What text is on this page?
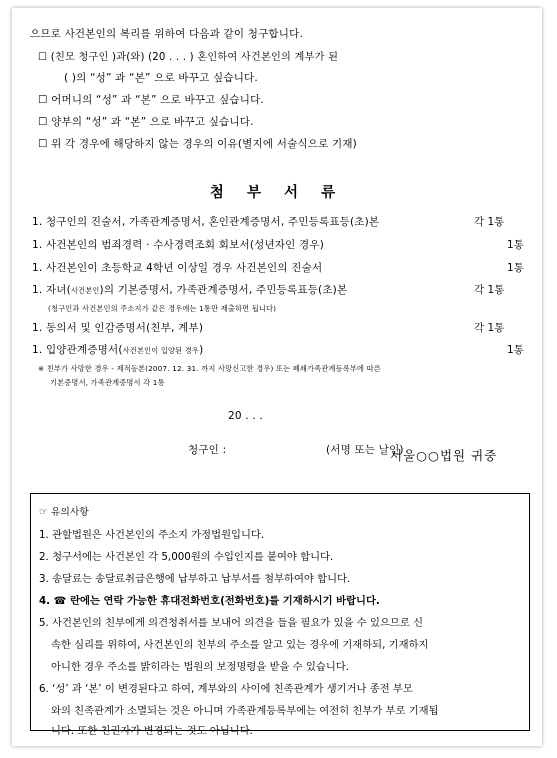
으므로 사건본인의 복리를 위하여 다음과 같이 청구합니다.
☐ (친모 청구인 )과(와) (20 . . . ) 혼인하여 사건본인의 계부가 된
( )의 “성” 과 “본” 으로 바꾸고 싶습니다.
☐ 어머니의 “성” 과 “본” 으로 바꾸고 싶습니다.
☐ 양부의 “성” 과 “본” 으로 바꾸고 싶습니다.
☐ 위 각 경우에 해당하지 않는 경우의 이유(별지에 서술식으로 기재)
첨 부 서 류
1. 청구인의 진술서, 가족관계증명서, 혼인관계증명서, 주민등록표등(초)본	각 1통
1. 사건본인의 범죄경력 · 수사경력조회 회보서(성년자인 경우)	1통
1. 사건본인이 초등학교 4학년 이상일 경우 사건본인의 진술서	1통
1. 자녀(사건본인)의 기본증명서, 가족관계증명서, 주민등록표등(초)본	각 1통
(청구인과 사건본인의 주소지가 같은 경우에는 1통만 제출하면 됩니다)
1. 동의서 및 인감증명서(친부, 계부)	각 1통
1. 입양관계증명서(사건본인이 입양된 경우)	1통
※ 친부가 사망한 경우 - 제적등본(2007. 12. 31. 까지 사망신고한 경우) 또는 폐쇄가족관계등록부에 따른
기본증명서, 가족관계증명서 각 1통
20 . . .
청구인 :	(서명 또는 날인)
서울○○법원 귀중
☞ 유의사항
1. 관할법원은 사건본인의 주소지 가정법원입니다.
2. 청구서에는 사건본인 각 5,000원의 수입인지를 붙여야 합니다.
3. 송달료는 송달료취급은행에 납부하고 납부서를 첨부하여야 합니다.
4. ☎ 란에는 연락 가능한 휴대전화번호(전화번호)를 기재하시기 바랍니다.
5. 사건본인의 친부에게 의견청취서를 보내어 의견을 들을 필요가 있을 수 있으므로 신
속한 심리를 위하여, 사건본인의 친부의 주소를 알고 있는 경우에 기재하되, 기재하지
아니한 경우 주소를 밝히라는 법원의 보정명령을 받을 수 있습니다.
6. ‘성’ 과 ‘본’ 이 변경된다고 하여, 계부와의 사이에 친족관계가 생기거나 종전 부모
와의 친족관계가 소멸되는 것은 아니며 가족관계등록부에는 여전히 친부가 부로 기재됩
니다. 또한 친권자가 변경되는 것도 아닙니다.
